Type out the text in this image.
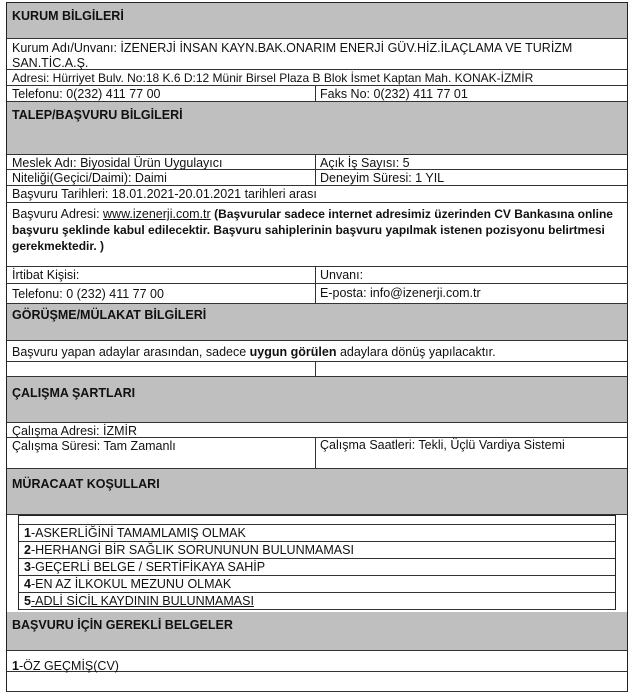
KURUM BİLGİLERİ
Kurum Adı/Unvanı: İZENERJİ İNSAN KAYN.BAK.ONARIM ENERJİ GÜV.HİZ.İLAÇLAMA VE TURİZM
SAN.TİC.A.Ş.
Adresi: Hürriyet Bulv. No:18 K.6 D:12 Münir Birsel Plaza B Blok İsmet Kaptan Mah. KONAK-İZMİR
Telefonu: 0(232) 411 77 00	Faks No: 0(232) 411 77 01
TALEP/BAŞVURU BİLGİLERİ
Meslek Adı: Biyosidal Ürün Uygulayıcı	Açık İş Sayısı: 5
Niteliği(Geçici/Daimi): Daimi	Deneyim Süresi: 1 YIL
Başvuru Tarihleri: 18.01.2021-20.01.2021 tarihleri arası
Başvuru Adresi: www.izenerji.com.tr (Başvurular sadece internet adresimiz üzerinden CV Bankasına online başvuru şeklinde kabul edilecektir. Başvuru sahiplerinin başvuru yapılmak istenen pozisyonu belirtmesi gerekmektedir. )
İrtibat Kişisi:	Unvanı:
Telefonu: 0 (232) 411 77 00	E-posta: info@izenerji.com.tr
GÖRÜŞME/MÜLAKAT BİLGİLERİ
Başvuru yapan adaylar arasından, sadece uygun görülen adaylara dönüş yapılacaktır.
ÇALIŞMA ŞARTLARI
Çalışma Adresi: İZMİR
Çalışma Süresi: Tam Zamanlı	Çalışma Saatleri: Tekli, Üçlü Vardiya Sistemi
MÜRACAAT KOŞULLARI
1-ASKERLİĞİNİ TAMAMLAMIŞ OLMAK
2-HERHANGİ BİR SAĞLIK SORUNUNUN BULUNMAMASI
3-GEÇERLİ BELGE / SERTİFİKAYA SAHİP
4-EN AZ İLKOKUL MEZUNU OLMAK
5-ADLİ SİCİL KAYDININ BULUNMAMASI
BAŞVURU İÇİN GEREKLİ BELGELER
1-ÖZ GEÇMİŞ(CV)
